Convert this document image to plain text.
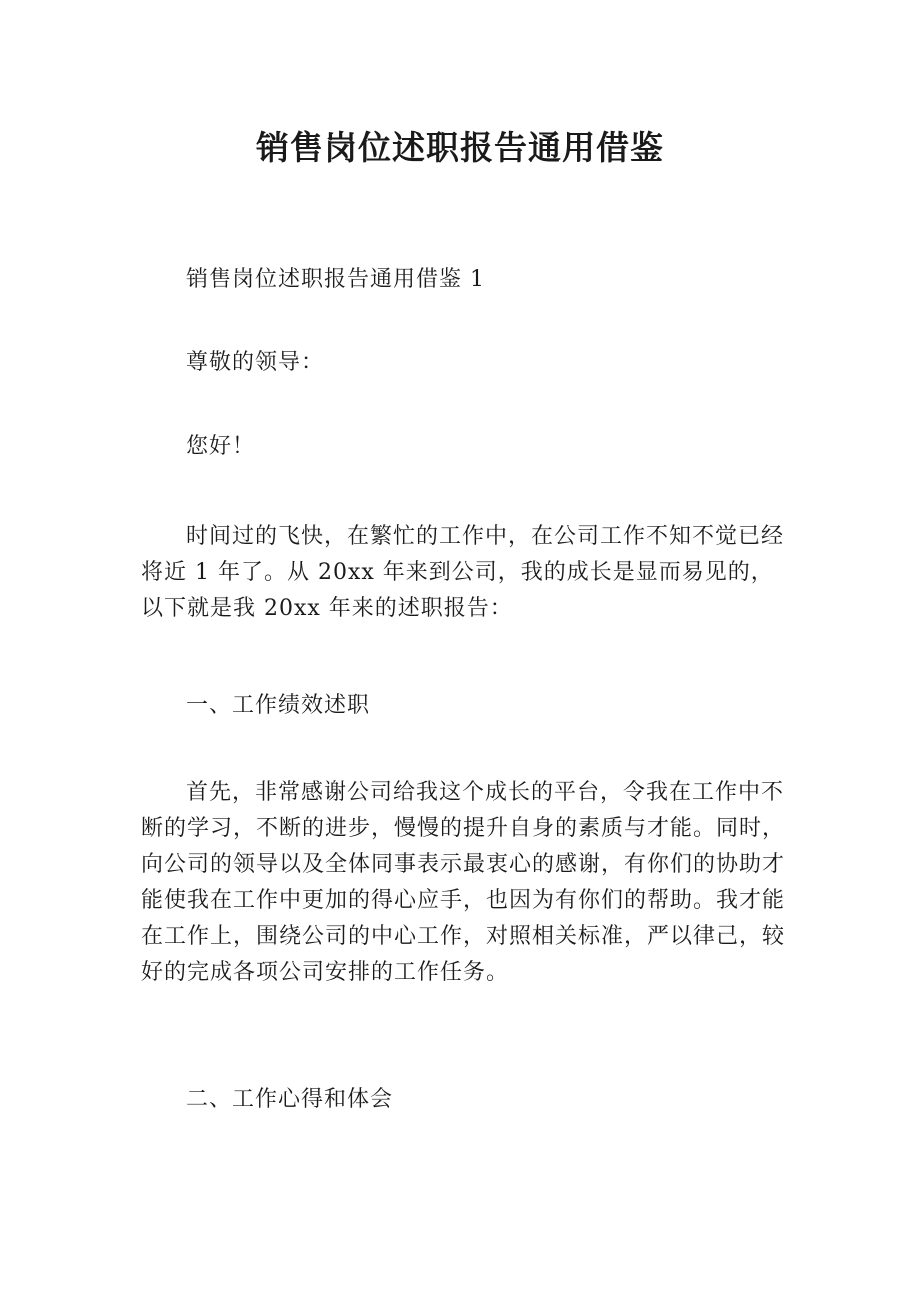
销售岗位述职报告通用借鉴

销售岗位述职报告通用借鉴 1

尊敬的领导：

您好！

时间过的飞快，在繁忙的工作中，在公司工作不知不觉已经将近 1 年了。从 20xx 年来到公司，我的成长是显而易见的，以下就是我 20xx 年来的述职报告：

一、工作绩效述职

首先，非常感谢公司给我这个成长的平台，令我在工作中不断的学习，不断的进步，慢慢的提升自身的素质与才能。同时，向公司的领导以及全体同事表示最衷心的感谢，有你们的协助才能使我在工作中更加的得心应手，也因为有你们的帮助。我才能在工作上，围绕公司的中心工作，对照相关标准，严以律己，较好的完成各项公司安排的工作任务。

二、工作心得和体会
